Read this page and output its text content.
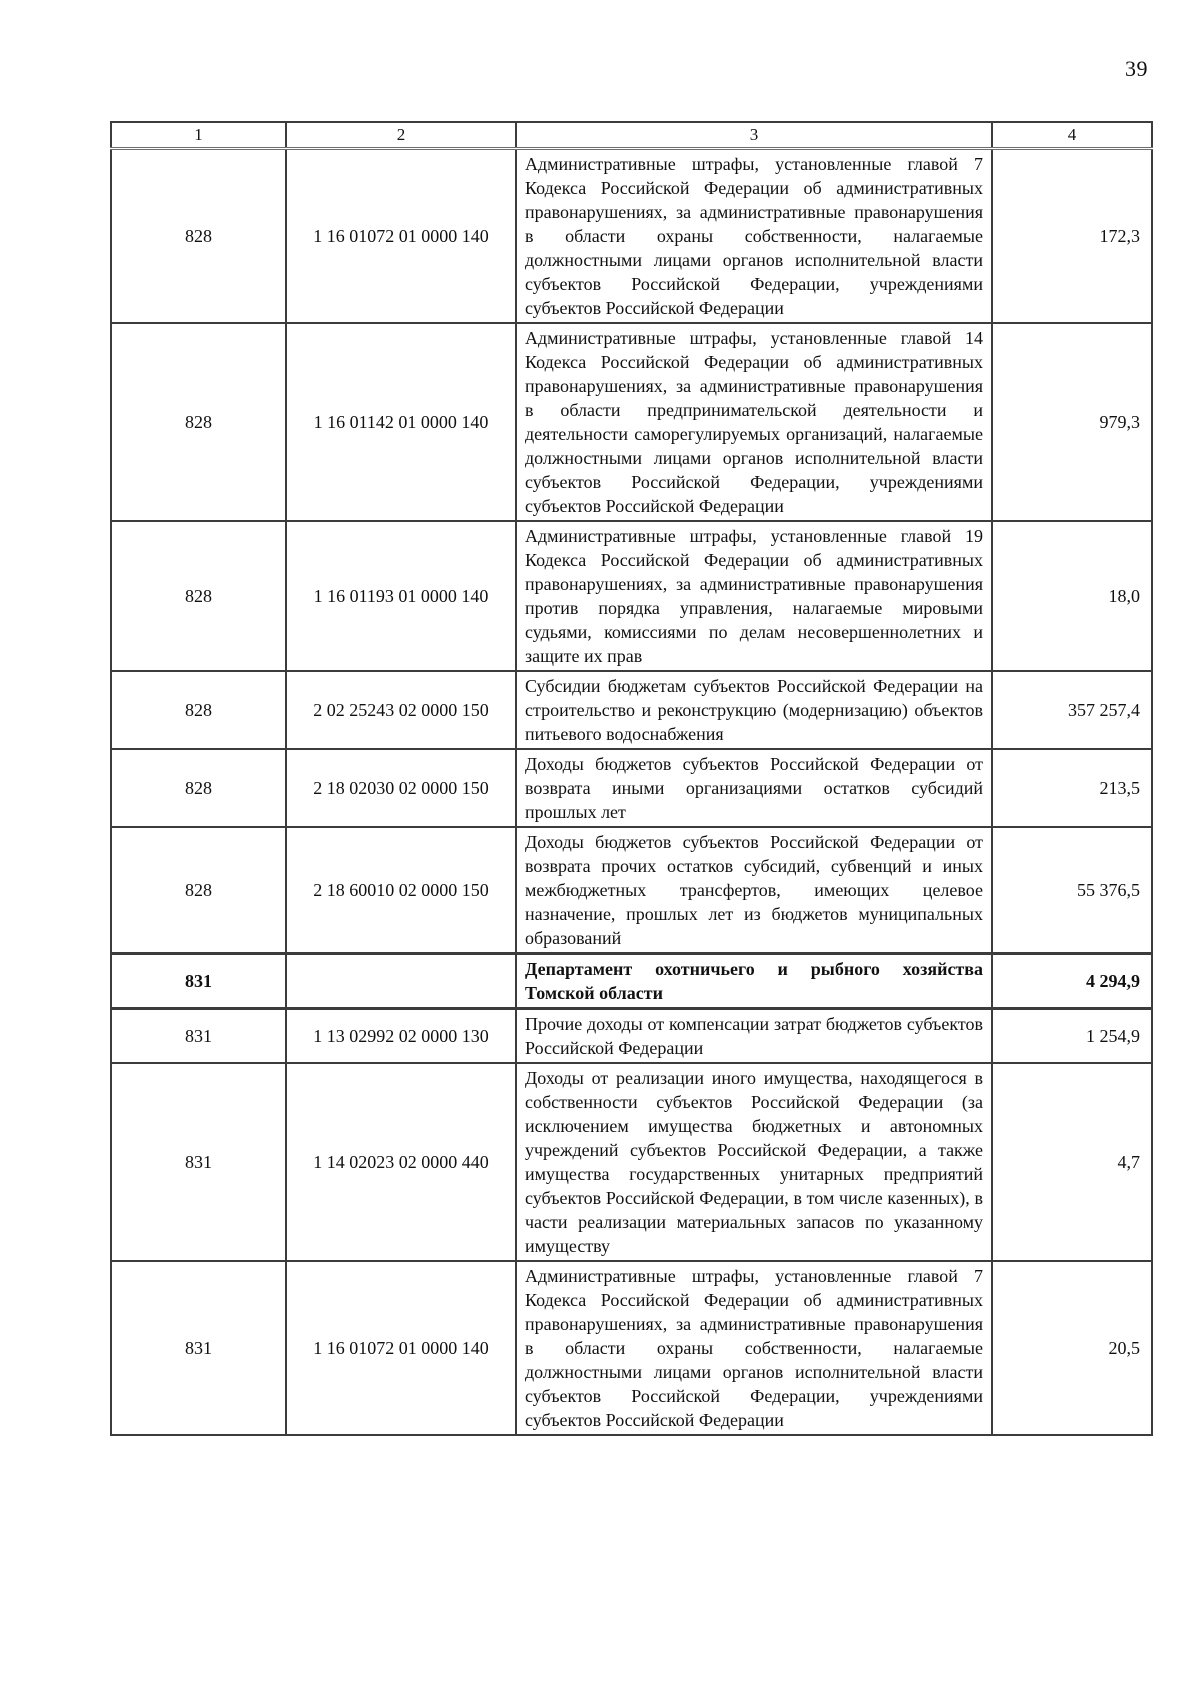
39
1	2	3	4
828	1 16 01072 01 0000 140	Административные штрафы, установленные главой 7 Кодекса Российской Федерации об административных правонарушениях, за административные правонарушения в области охраны собственности, налагаемые должностными лицами органов исполнительной власти субъектов Российской Федерации, учреждениями субъектов Российской Федерации	172,3
828	1 16 01142 01 0000 140	Административные штрафы, установленные главой 14 Кодекса Российской Федерации об административных правонарушениях, за административные правонарушения в области предпринимательской деятельности и деятельности саморегулируемых организаций, налагаемые должностными лицами органов исполнительной власти субъектов Российской Федерации, учреждениями субъектов Российской Федерации	979,3
828	1 16 01193 01 0000 140	Административные штрафы, установленные главой 19 Кодекса Российской Федерации об административных правонарушениях, за административные правонарушения против порядка управления, налагаемые мировыми судьями, комиссиями по делам несовершеннолетних и защите их прав	18,0
828	2 02 25243 02 0000 150	Субсидии бюджетам субъектов Российской Федерации на строительство и реконструкцию (модернизацию) объектов питьевого водоснабжения	357 257,4
828	2 18 02030 02 0000 150	Доходы бюджетов субъектов Российской Федерации от возврата иными организациями остатков субсидий прошлых лет	213,5
828	2 18 60010 02 0000 150	Доходы бюджетов субъектов Российской Федерации от возврата прочих остатков субсидий, субвенций и иных межбюджетных трансфертов, имеющих целевое назначение, прошлых лет из бюджетов муниципальных образований	55 376,5
831		Департамент охотничьего и рыбного хозяйства Томской области	4 294,9
831	1 13 02992 02 0000 130	Прочие доходы от компенсации затрат бюджетов субъектов Российской Федерации	1 254,9
831	1 14 02023 02 0000 440	Доходы от реализации иного имущества, находящегося в собственности субъектов Российской Федерации (за исключением имущества бюджетных и автономных учреждений субъектов Российской Федерации, а также имущества государственных унитарных предприятий субъектов Российской Федерации, в том числе казенных), в части реализации материальных запасов по указанному имуществу	4,7
831	1 16 01072 01 0000 140	Административные штрафы, установленные главой 7 Кодекса Российской Федерации об административных правонарушениях, за административные правонарушения в области охраны собственности, налагаемые должностными лицами органов исполнительной власти субъектов Российской Федерации, учреждениями субъектов Российской Федерации	20,5
